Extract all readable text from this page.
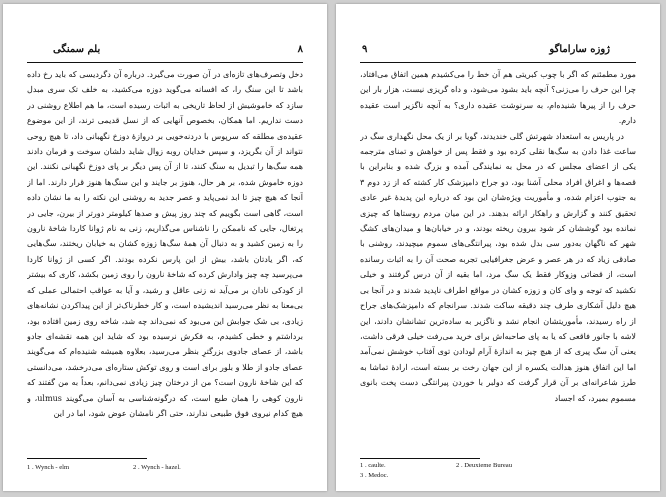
٨
بلم سمنگی

دخل وتصرف‌های تازه‌ای در آن صورت می‌گیرد. درباره آن دگردیسی که باید رخ داده باشد تا این سنگ را، که افسانه می‌گوید دوزه می‌کشید، به خلف تک سری مبدل سازد که خاموشیش از لحاظ تاریخی به اثبات رسیده است، ما هم اطلاع روشنی در دست نداریم. اما همکان، بخصوص آنهایی که از نسل قدیمی ترند، از این موضوع عقیده‌ی مطلقه که سرپوس با دردنه‌خویی بر دروازهٔ دوزخ نگهبانی داد، تا هیچ روحی نتواند از آن بگریزد، و سپس خدایان روبه زوال شاید دلشان سوخت و فرمان دادند همه سگ‌ها را تبدیل به سنگ کنند، تا از آن پس دیگر بر پای دوزخ نگهبانی نکنند. این دوزه خاموش شده، بر هر حال، هنوز بر جایند و این سنگ‌ها هنوز قرار دارند. اما از آنجا که هیچ چیز تا ابد نمی‌پاید و عصر جدید به روشنی این نکته را به ما نشان داده است، گاهی است بگوییم که چند روز پیش و صدها کیلومتر دورتر از بیرن، جایی در پرتغال، جایی که ناممکن را ناشناس می‌گذاریم، زنی به نام ژوانا کاردا شاخهٔ نارون را به زمین کشید و به دنبال آن همهٔ سگ‌ها زوزه کشان به خیابان ریختند، سگ‌هایی که، اگر یادتان باشد، بیش از این پارس نکرده بودند. اگر کسی از ژوانا کاردا می‌پرسید چه چیز وادارش کرده که شاخهٔ نارون را روی زمین بکشد، کاری که بیشتر از کودکی نادان بر می‌آید نه زنی عاقل و رشید، و آیا به عواقب احتمالی عملی که بی‌معنا به نظر می‌رسید اندیشیده است، و کار خطرناک‌تر از این پیداکردن نشانه‌های زیادی، بی شک جوابش این می‌بود که نمی‌داند چه شد، شاخه روی زمین افتاده بود، برداشتم و خطی کشیدم، به فکرش نرسیده بود که شاید این همه نقشه‌ای جادو باشد، از عصای جادوی بزرگترِ بنظر می‌رسید، بعلاوه همیشه شنیده‌ام که می‌گویند عصای جادو از طلا و بلور برای است و روی توکش ستاره‌ای می‌درخشد، می‌دانستی که این شاخهٔ نارون است؟ من از درختان چیز زیادی نمی‌دانم، بعداً به من گفتند که نارون کوهی را همان طبع است، که درگونه‌شناسی به آسان می‌گویند ulmus، و هیچ کدام نیروی فوق طبیعی ندارند، حتی اگر نامشان عوض شود، اما در این

1 . Wynch - elm	2 . Wynch - hazel.
٩	ژوزه ساراماگو

مورد مطمئنم که اگر با چوب کبریتی هم آن خط را می‌کشیدم همین اتفاق می‌افتاد، چرا این حرف را می‌زنی؟ آنچه باید بشود می‌شود، و داه گریزی نیست، هزار بار این حرف را از پیرها شنیده‌ام، به سرنوشت عقیده داری؟ به آنچه ناگزیر است عقیده دارم.

در پاریس به استعداد شهرتش گلی خندیدند، گویا بر از یک محل نگهداری سگ در ساعت غذا دادن به سگ‌ها نقلی کرده بود و فقط پس از خواهش و تمنای مترجمه یکی از اعضای مجلس که در محل به نمایندگی آمده و بزرگ شده و بنابراین با قصه‌ها و اغراق افراد محلی آشنا بود، دو جراح دامپزشک کار کشته که از زد دوم ۳ به جنوب اعزام شده، و مأموریت ویژه‌شان این بود که درباره این پدیدهٔ غیر عادی تحقیق کنند و گزارش و راهکار ارائه بدهند. در این میان مردم روستاها که چیزی نمانده بود گوششان کر شود بیرون ریخته بودند، و در خیابان‌ها و میدان‌های کشگ شهر که ناگهان به‌دور سی بدل شده بود، پیرانتگی‌های سموم میچیدند، روشنی با صادقی زیاد که در هر عصر و عرض جغرافیایی تجربه صحت آن را به اثبات رسانده است، از قضاتی وزوکار فقط یک سگ مرد، اما بقیه از آن درس گرفتند و خیلی نکشید که توجه و وای کان و زوزه کشان در مواقع اطراف ناپدید شدند و در آنجا بی هیچ دلیل آشکاری طرف چند دقیقه ساکت شدند. سرانجام که دامپزشک‌های جراح از راه رسیدند، مأموریتشان انجام نشد و ناگزیر به ساده‌ترین تشانشان دادند، این لاشه با جانور فاقعی که یا به پای صاحبه‌اش برای خرید می‌رفت خیلی فرقی داشت، یعنی آن سگ پیری که از هیچ چیز به اندازهٔ آرام لودادن توی آفتاب خوشش نمی‌آمد اما این اتفاق هنوز هدالت یکسره از این جهان رخت بر بسته است، ارادهٔ تماشا به طرز شاعرانه‌ای بر آن قرار گرفت که دولبر با خوردن پیرانتگی دست پخت بانوی مسموم بمیرد، که اجساد

1 . caulte.	2 . Deuxieme Bureau
3 . Medoc.
